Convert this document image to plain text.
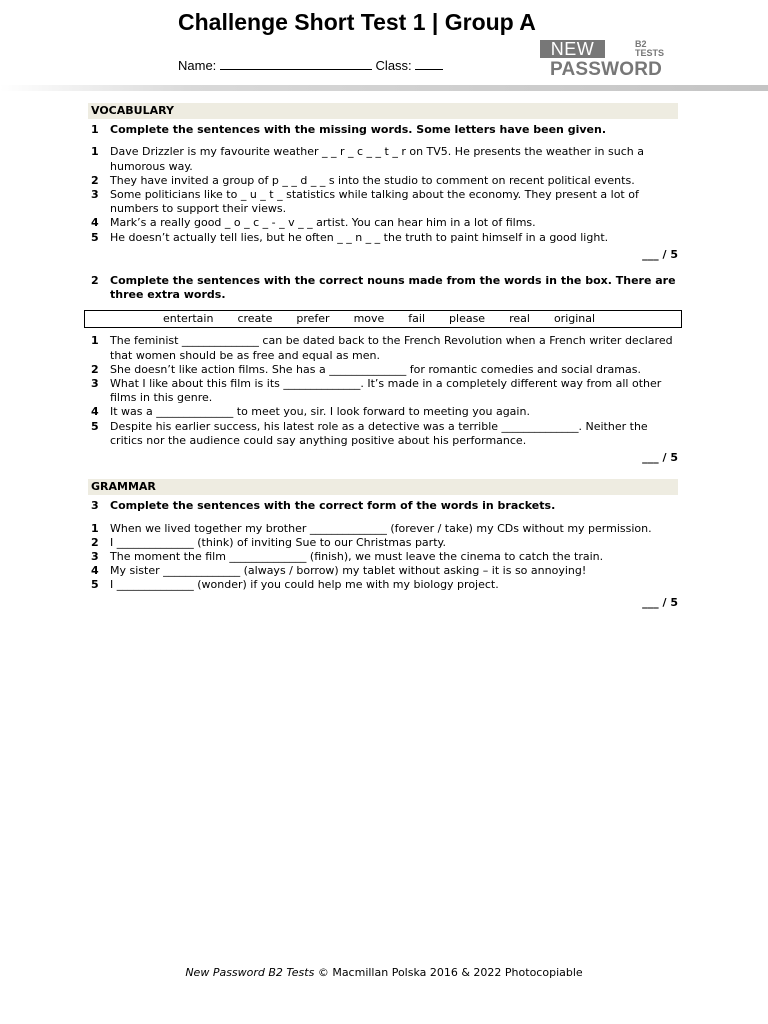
Challenge Short Test 1 | Group A
Name:	Class:
NEW	B2
TESTS
PASSWORD
VOCABULARY
1	Complete the sentences with the missing words. Some letters have been given.
1	Dave Drizzler is my favourite weather _ _ r _ c _ _ t _ r on TV5. He presents the weather in such a humorous way.
2	They have invited a group of p _ _ d _ _ s into the studio to comment on recent political events.
3	Some politicians like to _ u _ t _ statistics while talking about the economy. They present a lot of numbers to support their views.
4	Mark’s a really good _ o _ c _ - _ v _ _ artist. You can hear him in a lot of films.
5	He doesn’t actually tell lies, but he often _ _ n _ _ the truth to paint himself in a good light.
___ / 5
2	Complete the sentences with the correct nouns made from the words in the box. There are three extra words.
entertain create prefer move fail please real original
1	The feminist ______________ can be dated back to the French Revolution when a French writer declared that women should be as free and equal as men.
2	She doesn’t like action films. She has a ______________ for romantic comedies and social dramas.
3	What I like about this film is its ______________. It’s made in a completely different way from all other films in this genre.
4	It was a ______________ to meet you, sir. I look forward to meeting you again.
5	Despite his earlier success, his latest role as a detective was a terrible ______________. Neither the critics nor the audience could say anything positive about his performance.
___ / 5
GRAMMAR
3	Complete the sentences with the correct form of the words in brackets.
1	When we lived together my brother ______________ (forever / take) my CDs without my permission.
2	I ______________ (think) of inviting Sue to our Christmas party.
3	The moment the film ______________ (finish), we must leave the cinema to catch the train.
4	My sister ______________ (always / borrow) my tablet without asking – it is so annoying!
5	I ______________ (wonder) if you could help me with my biology project.
___ / 5
New Password B2 Tests © Macmillan Polska 2016 & 2022 Photocopiable
